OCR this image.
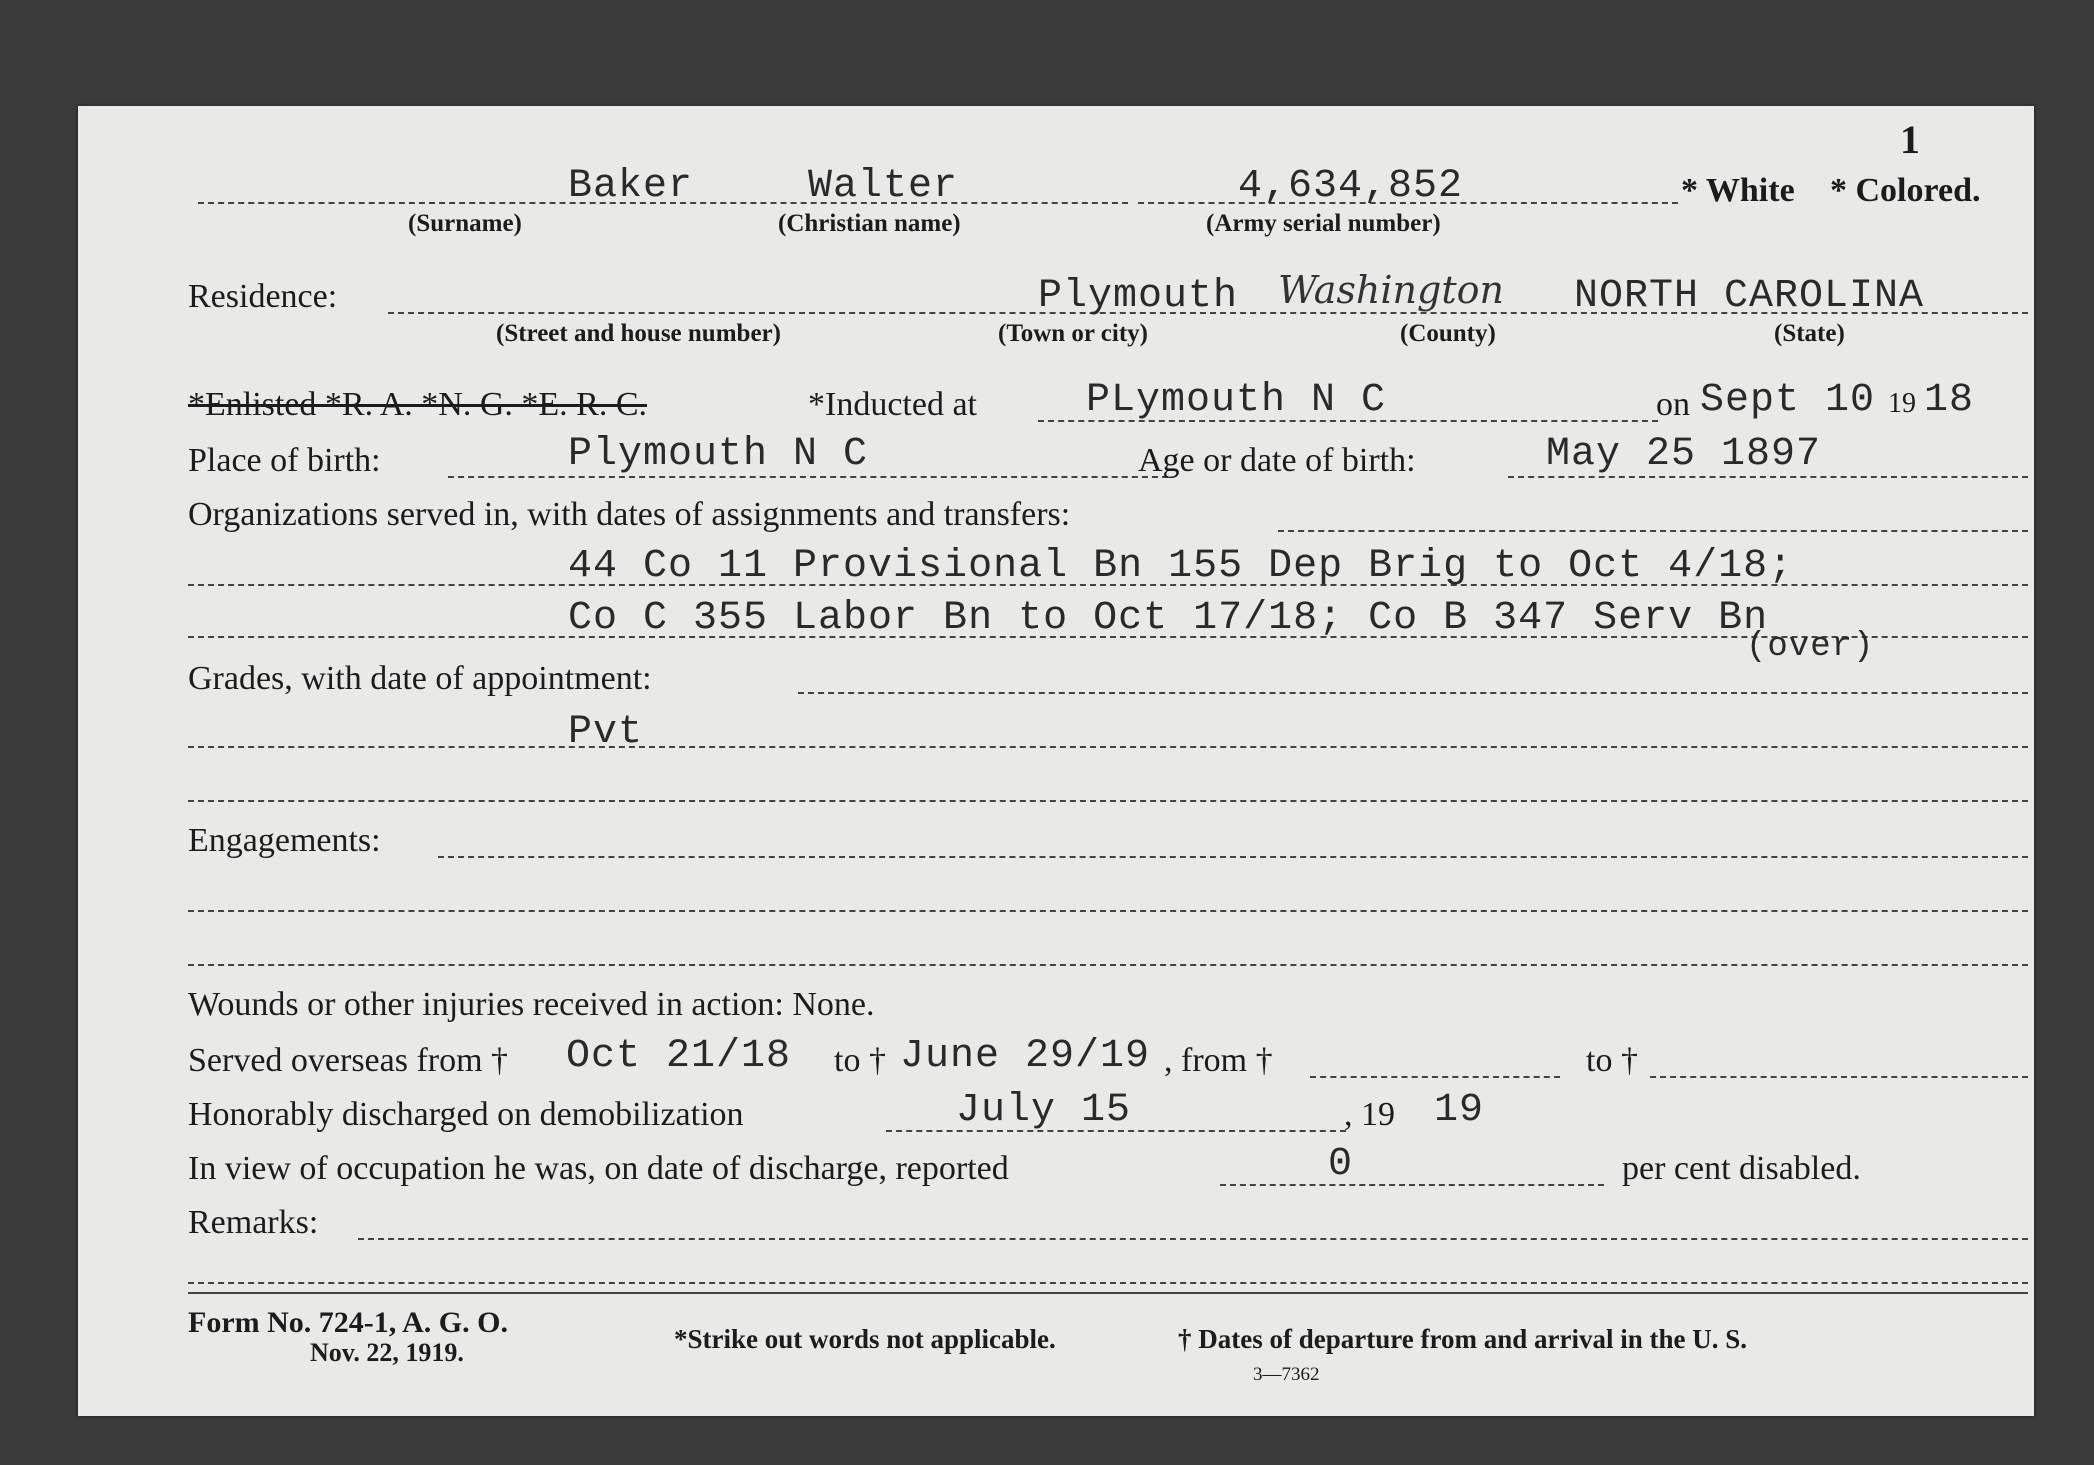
1
Baker	Walter	4,634,852	* White * Colored.
(Surname)	(Christian name)	(Army serial number)
Residence:	Plymouth Washington NORTH CAROLINA
(Street and house number)	(Town or city)	(County)	(State)
*Enlisted *R. A. *N. G. *E. R. C.	*Inducted at	PLymouth N C	on Sept 10 19 18
Place of birth:	Plymouth N C	Age or date of birth:	May 25 1897
Organizations served in, with dates of assignments and transfers:
44 Co 11 Provisional Bn 155 Dep Brig to Oct 4/18;
Co C 355 Labor Bn to Oct 17/18; Co B 347 Serv Bn
(over)
Grades, with date of appointment:
Pvt
Engagements:
Wounds or other injuries received in action: None.
Served overseas from † Oct 21/18 to † June 29/19 , from †	to †
Honorably discharged on demobilization	July 15	, 19 19
In view of occupation he was, on date of discharge, reported	0	per cent disabled.
Remarks:
Form No. 724-1, A. G. O.
Nov. 22, 1919.	*Strike out words not applicable.	† Dates of departure from and arrival in the U. S.
3—7362
